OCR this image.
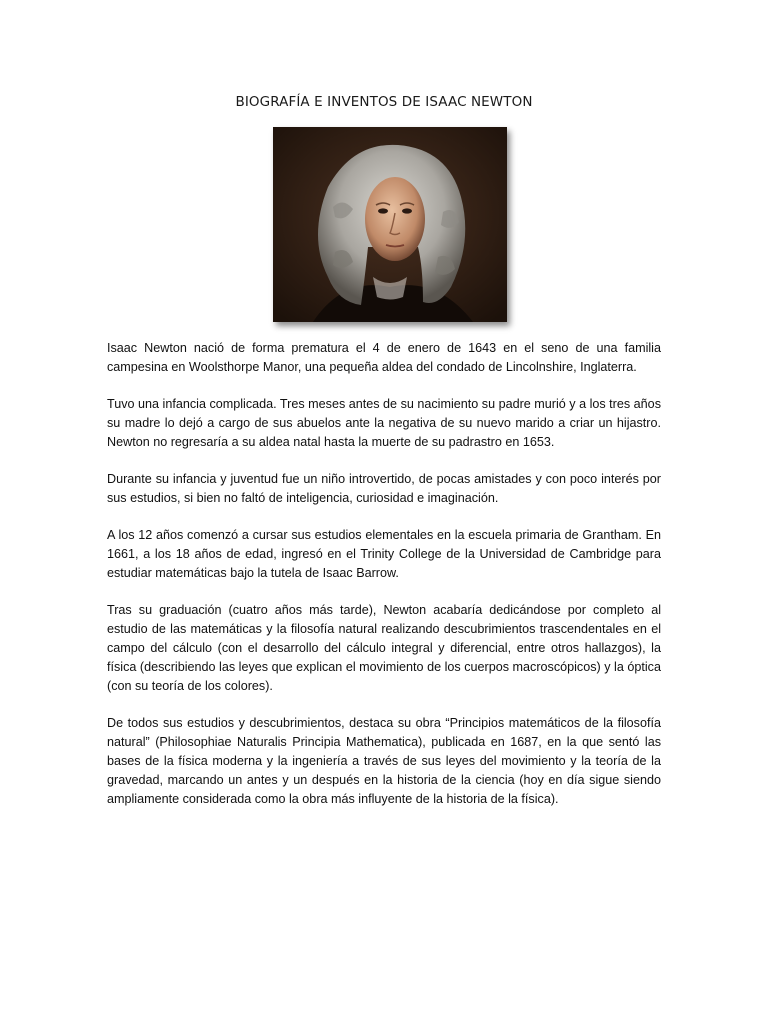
BIOGRAFÍA E INVENTOS DE ISAAC NEWTON

Isaac Newton nació de forma prematura el 4 de enero de 1643 en el seno de una familia campesina en Woolsthorpe Manor, una pequeña aldea del condado de Lincolnshire, Inglaterra.

Tuvo una infancia complicada. Tres meses antes de su nacimiento su padre murió y a los tres años su madre lo dejó a cargo de sus abuelos ante la negativa de su nuevo marido a criar un hijastro. Newton no regresaría a su aldea natal hasta la muerte de su padrastro en 1653.

Durante su infancia y juventud fue un niño introvertido, de pocas amistades y con poco interés por sus estudios, si bien no faltó de inteligencia, curiosidad e imaginación.

A los 12 años comenzó a cursar sus estudios elementales en la escuela primaria de Grantham. En 1661, a los 18 años de edad, ingresó en el Trinity College de la Universidad de Cambridge para estudiar matemáticas bajo la tutela de Isaac Barrow.

Tras su graduación (cuatro años más tarde), Newton acabaría dedicándose por completo al estudio de las matemáticas y la filosofía natural realizando descubrimientos trascendentales en el campo del cálculo (con el desarrollo del cálculo integral y diferencial, entre otros hallazgos), la física (describiendo las leyes que explican el movimiento de los cuerpos macroscópicos) y la óptica (con su teoría de los colores).

De todos sus estudios y descubrimientos, destaca su obra “Principios matemáticos de la filosofía natural” (Philosophiae Naturalis Principia Mathematica), publicada en 1687, en la que sentó las bases de la física moderna y la ingeniería a través de sus leyes del movimiento y la teoría de la gravedad, marcando un antes y un después en la historia de la ciencia (hoy en día sigue siendo ampliamente considerada como la obra más influyente de la historia de la física).
